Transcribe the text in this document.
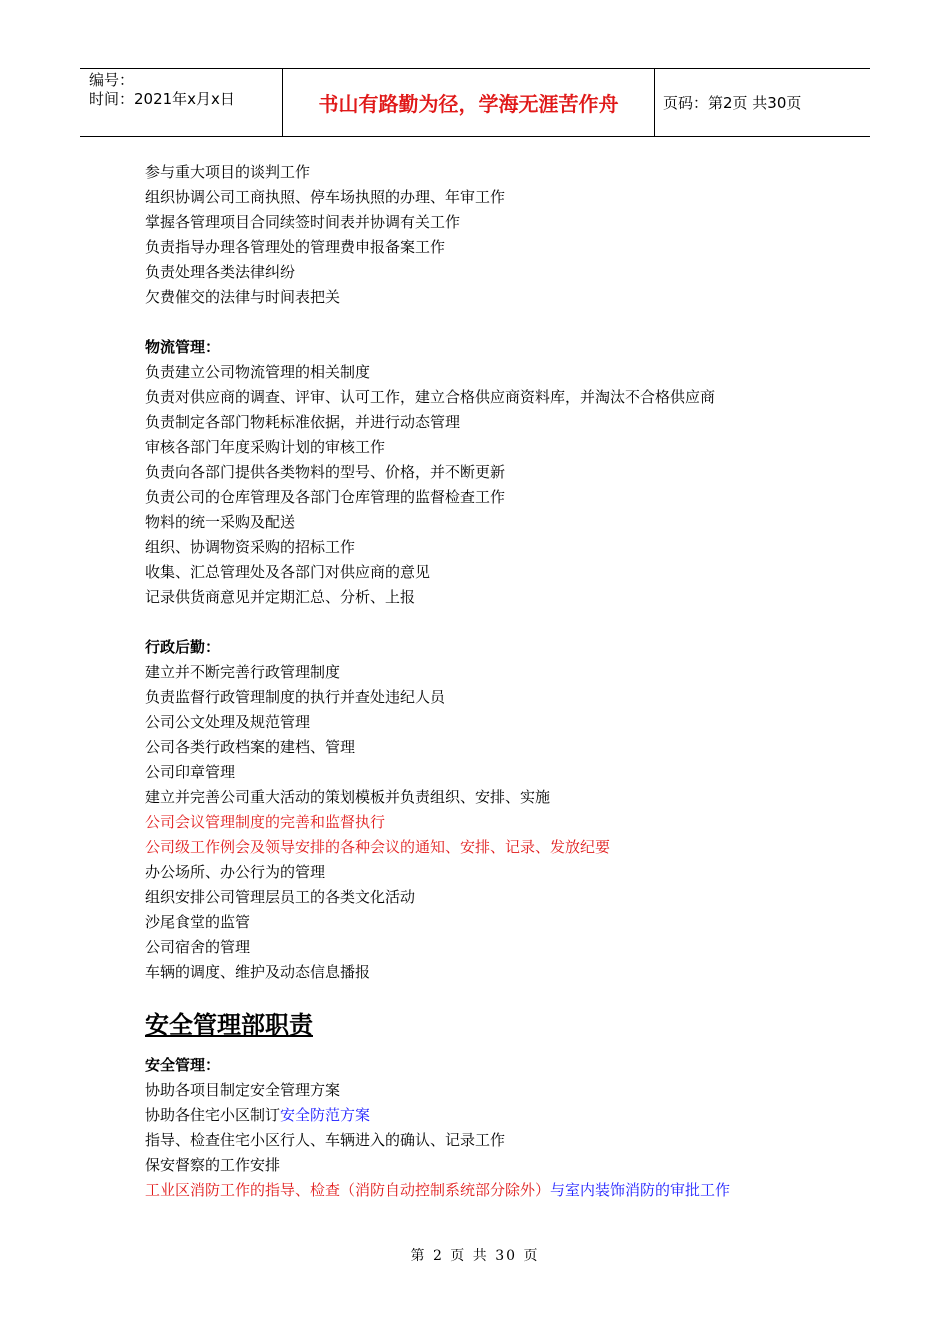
编号：
时间：2021年x月x日	书山有路勤为径，学海无涯苦作舟	页码：第2页 共30页
参与重大项目的谈判工作
组织协调公司工商执照、停车场执照的办理、年审工作
掌握各管理项目合同续签时间表并协调有关工作
负责指导办理各管理处的管理费申报备案工作
负责处理各类法律纠纷
欠费催交的法律与时间表把关
物流管理：
负责建立公司物流管理的相关制度
负责对供应商的调查、评审、认可工作，建立合格供应商资料库，并淘汰不合格供应商
负责制定各部门物耗标准依据，并进行动态管理
审核各部门年度采购计划的审核工作
负责向各部门提供各类物料的型号、价格，并不断更新
负责公司的仓库管理及各部门仓库管理的监督检查工作
物料的统一采购及配送
组织、协调物资采购的招标工作
收集、汇总管理处及各部门对供应商的意见
记录供货商意见并定期汇总、分析、上报
行政后勤：
建立并不断完善行政管理制度
负责监督行政管理制度的执行并查处违纪人员
公司公文处理及规范管理
公司各类行政档案的建档、管理
公司印章管理
建立并完善公司重大活动的策划模板并负责组织、安排、实施
公司会议管理制度的完善和监督执行
公司级工作例会及领导安排的各种会议的通知、安排、记录、发放纪要
办公场所、办公行为的管理
组织安排公司管理层员工的各类文化活动
沙尾食堂的监管
公司宿舍的管理
车辆的调度、维护及动态信息播报
安全管理部职责
安全管理：
协助各项目制定安全管理方案
协助各住宅小区制订安全防范方案
指导、检查住宅小区行人、车辆进入的确认、记录工作
保安督察的工作安排
工业区消防工作的指导、检查（消防自动控制系统部分除外）与室内装饰消防的审批工作
第 2 页 共 30 页
